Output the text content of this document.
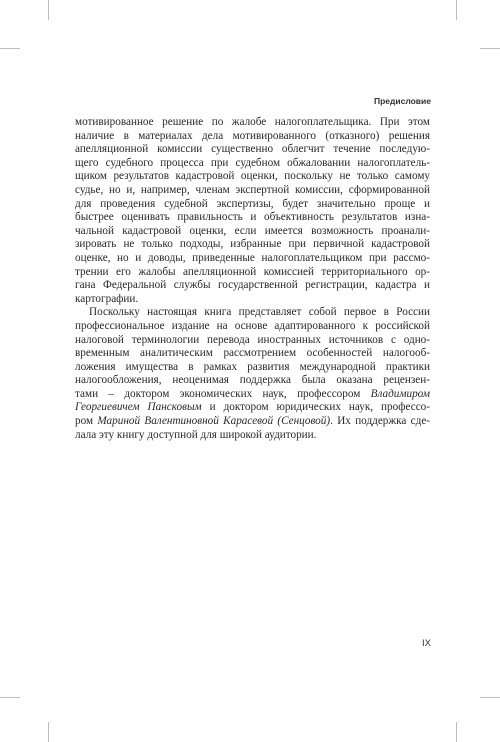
Предисловие

мотивированное решение по жалобе налогоплательщика. При этом
наличие в материалах дела мотивированного (отказного) решения
апелляционной комиссии существенно облегчит течение последую-
щего судебного процесса при судебном обжаловании налогоплатель-
щиком результатов кадастровой оценки, поскольку не только самому
судье, но и, например, членам экспертной комиссии, сформированной
для проведения судебной экспертизы, будет значительно проще и
быстрее оценивать правильность и объективность результатов изна-
чальной кадастровой оценки, если имеется возможность проанали-
зировать не только подходы, избранные при первичной кадастровой
оценке, но и доводы, приведенные налогоплательщиком при рассмо-
трении его жалобы апелляционной комиссией территориального ор-
гана Федеральной службы государственной регистрации, кадастра и
картографии.

Поскольку настоящая книга представляет собой первое в России
профессиональное издание на основе адаптированного к российской
налоговой терминологии перевода иностранных источников с одно-
временным аналитическим рассмотрением особенностей налогооб-
ложения имущества в рамках развития международной практики
налогообложения, неоценимая поддержка была оказана рецензен-
тами – доктором экономических наук, профессором Владимиром
Георгиевичем Пансковым и доктором юридических наук, профессо-
ром Мариной Валентиновной Карасевой (Сенцовой). Их поддержка сде-
лала эту книгу доступной для широкой аудитории.

IX
